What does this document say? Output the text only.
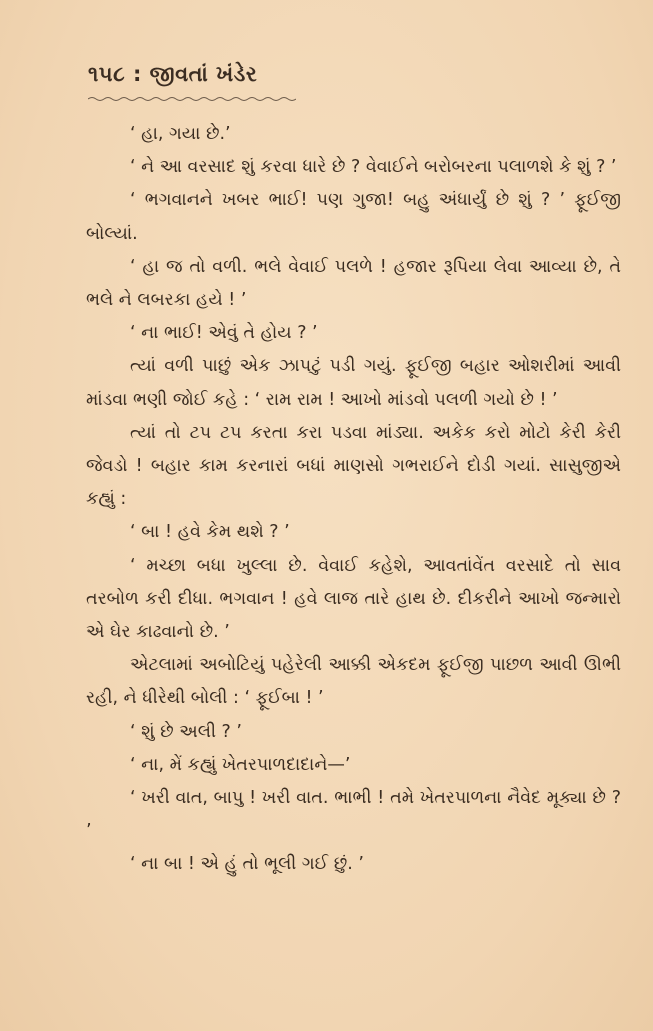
૧૫૮ : જીવતાં ખંડેર

‘ હા, ગયા છે.’

‘ ને આ વરસાદ શું કરવા ધારે છે ? વેવાઈને બરોબરના પલાળશે કે શું ? ’

‘ ભગવાનને ખબર ભાઈ! પણ ગુજા! બહુ અંધાર્યું છે શું ? ’ ફૂઈજી બોલ્યાં.

‘ હા જ તો વળી. ભલે વેવાઈ પલળે ! હજાર રૂપિયા લેવા આવ્યા છે, તે ભલે ને લબરકા હયે ! ’

‘ ના ભાઈ! એવું તે હોય ? ’

ત્યાં વળી પાછું એક ઝાપટું પડી ગયું. ફૂઈજી બહાર ઓશરીમાં આવી માંડવા ભણી જોઈ કહે : ‘ રામ રામ ! આખો માંડવો પલળી ગયો છે ! ’

ત્યાં તો ટપ ટપ કરતા કરા પડવા માંડ્યા. અકેક કરો મોટો કેરી કેરી જેવડો ! બહાર કામ કરનારાં બધાં માણસો ગભરાઈને દોડી ગયાં. સાસુજીએ કહ્યું :

‘ બા ! હવે કેમ થશે ? ’

‘ મચ્છા બધા ખુલ્લા છે. વેવાઈ કહેશે, આવતાંવેંત વરસાદે તો સાવ તરબોળ કરી દીધા. ભગવાન ! હવે લાજ તારે હાથ છે. દીકરીને આખો જન્મારો એ ઘેર કાઢવાનો છે. ’

એટલામાં અબોટિયું પહેરેલી આક્કી એકદમ ફૂઈજી પાછળ આવી ઊભી રહી, ને ધીરેથી બોલી : ‘ ફૂઈબા ! ’

‘ શું છે અલી ? ’

‘ ના, મેં કહ્યું ખેતરપાળદાદાને—’

‘ ખરી વાત, બાપુ ! ખરી વાત. ભાભી ! તમે ખેતરપાળના નૈવેદ મૂક્યા છે ? ’

‘ ના બા ! એ હું તો ભૂલી ગઈ છું. ’
